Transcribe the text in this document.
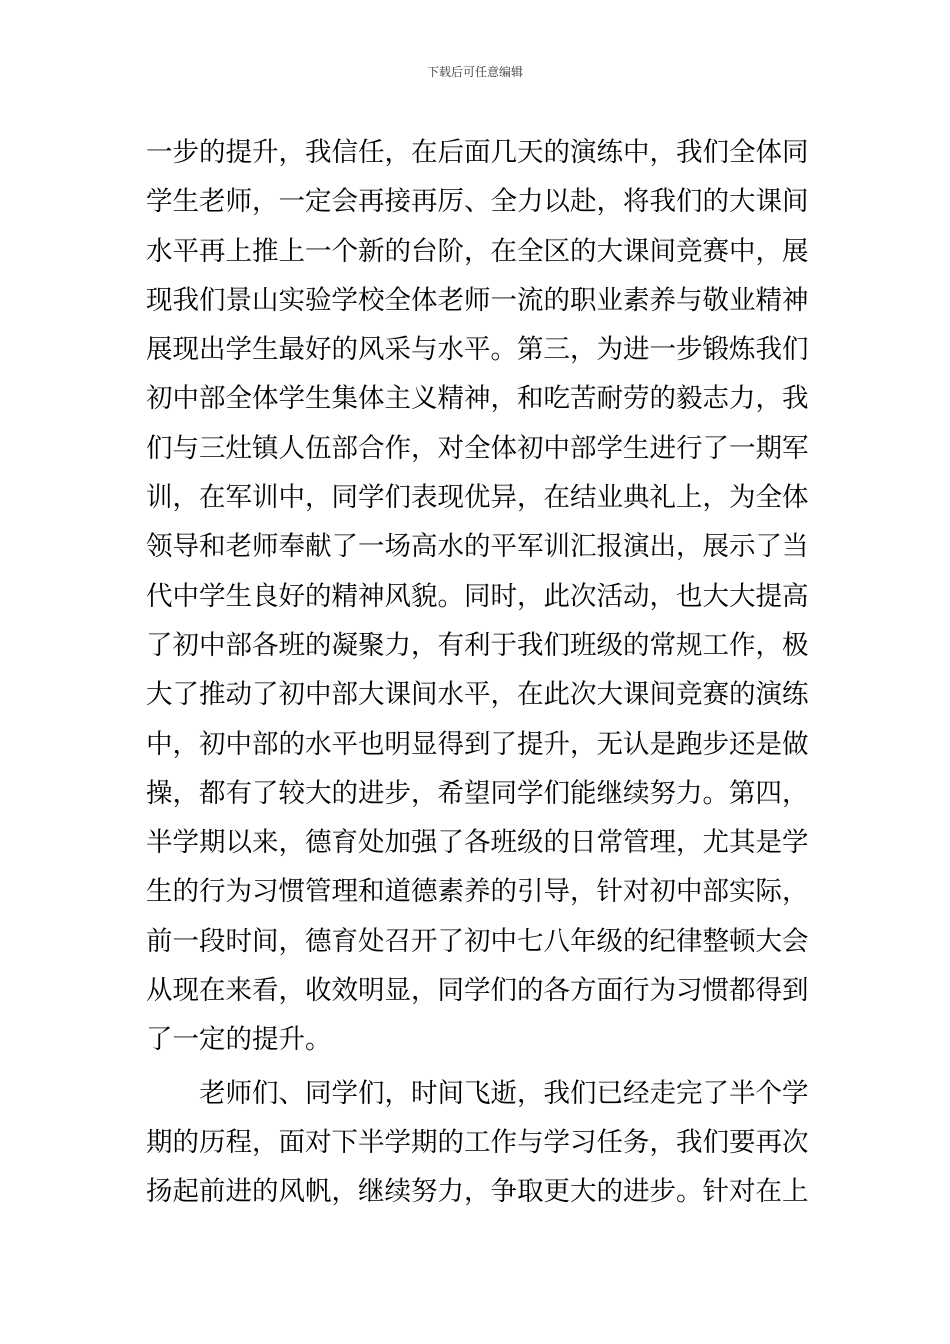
下载后可任意编辑
一步的提升，我信任，在后面几天的演练中，我们全体同
学生老师，一定会再接再厉、全力以赴，将我们的大课间
水平再上推上一个新的台阶，在全区的大课间竞赛中，展
现我们景山实验学校全体老师一流的职业素养与敬业精神
展现出学生最好的风采与水平。第三，为进一步锻炼我们
初中部全体学生集体主义精神，和吃苦耐劳的毅志力，我
们与三灶镇人伍部合作，对全体初中部学生进行了一期军
训，在军训中，同学们表现优异，在结业典礼上，为全体
领导和老师奉献了一场高水的平军训汇报演出，展示了当
代中学生良好的精神风貌。同时，此次活动，也大大提高
了初中部各班的凝聚力，有利于我们班级的常规工作，极
大了推动了初中部大课间水平，在此次大课间竞赛的演练
中，初中部的水平也明显得到了提升，无认是跑步还是做
操，都有了较大的进步，希望同学们能继续努力。第四，
半学期以来，德育处加强了各班级的日常管理，尤其是学
生的行为习惯管理和道德素养的引导，针对初中部实际，
前一段时间，德育处召开了初中七八年级的纪律整顿大会
从现在来看，收效明显，同学们的各方面行为习惯都得到
了一定的提升。
老师们、同学们，时间飞逝，我们已经走完了半个学
期的历程，面对下半学期的工作与学习任务，我们要再次
扬起前进的风帆，继续努力，争取更大的进步。针对在上
